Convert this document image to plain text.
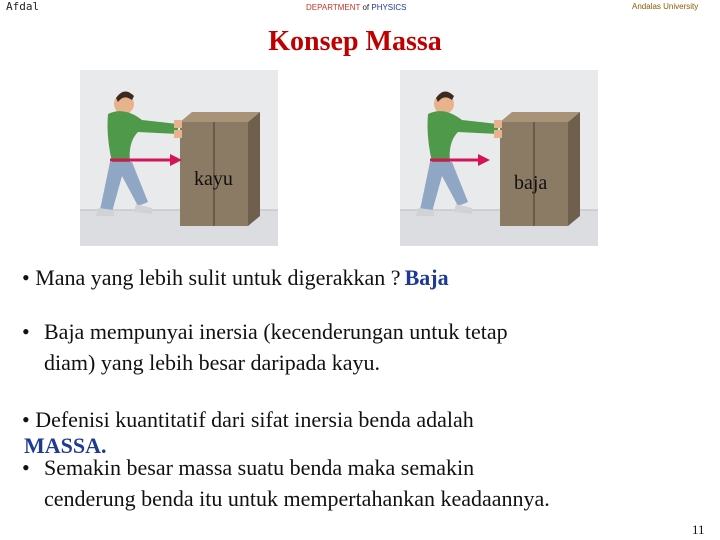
Afdal	DEPARTMENT of PHYSICS	Andalas University
Konsep Massa
kayu	baja
• Mana yang lebih sulit untuk digerakkan ? Baja
• Baja mempunyai inersia (kecenderungan untuk tetap
diam) yang lebih besar daripada kayu.
• Defenisi kuantitatif dari sifat inersia benda adalah
MASSA.
• Semakin besar massa suatu benda maka semakin
cenderung benda itu untuk mempertahankan keadaannya.
11
